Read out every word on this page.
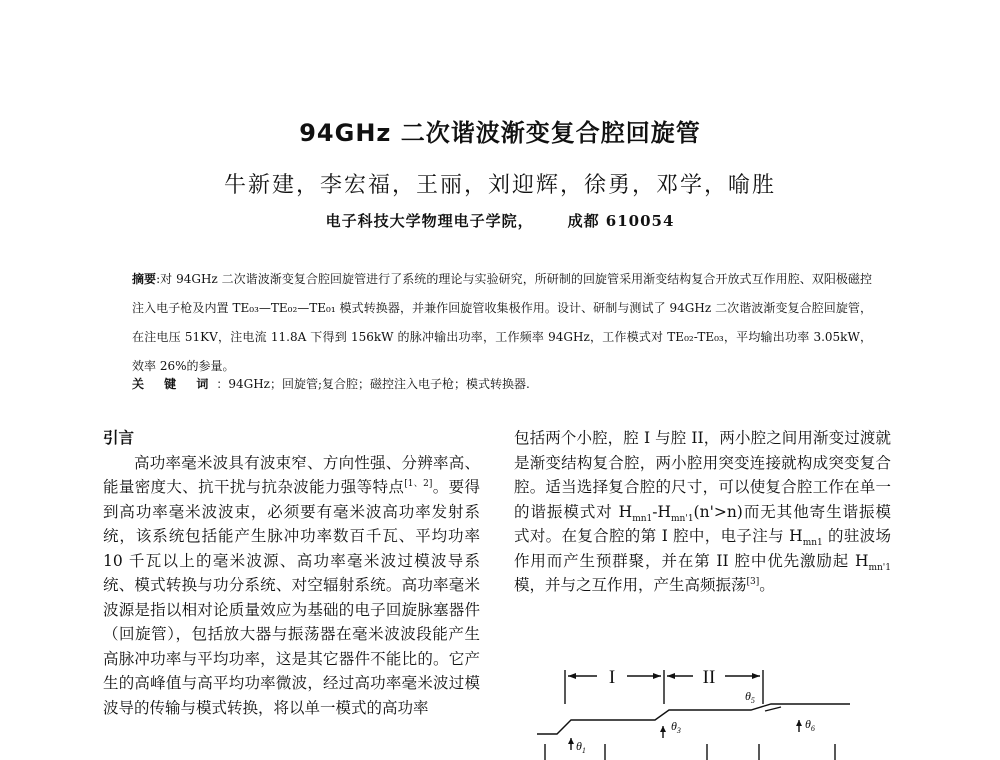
94GHz 二次谐波渐变复合腔回旋管
牛新建，李宏福，王丽，刘迎辉，徐勇，邓学，喻胜
电子科技大学物理电子学院， 成都 610054
摘要:对 94GHz 二次谐波渐变复合腔回旋管进行了系统的理论与实验研究，所研制的回旋管采用渐变结构复合开放式互作用腔、双阳极磁控注入电子枪及内置 TE₀₃—TE₀₂—TE₀₁ 模式转换器，并兼作回旋管收集极作用。设计、研制与测试了 94GHz 二次谐波渐变复合腔回旋管，在注电压 51KV，注电流 11.8A 下得到 156kW 的脉冲输出功率，工作频率 94GHz，工作模式对 TE₀₂-TE₀₃，平均输出功率 3.05kW，效率 26%的参量。
关 键 词：94GHz；回旋管;复合腔；磁控注入电子枪；模式转换器.
引言

高功率毫米波具有波束窄、方向性强、分辨率高、能量密度大、抗干扰与抗杂波能力强等特点[1、2]。要得到高功率毫米波波束，必须要有毫米波高功率发射系统，该系统包括能产生脉冲功率数百千瓦、平均功率 10 千瓦以上的毫米波源、高功率毫米波过模波导系统、模式转换与功分系统、对空辐射系统。高功率毫米波源是指以相对论质量效应为基础的电子回旋脉塞器件（回旋管），包括放大器与振荡器在毫米波波段能产生高脉冲功率与平均功率，这是其它器件不能比的。它产生的高峰值与高平均功率微波，经过高功率毫米波过模波导的传输与模式转换，将以单一模式的高功率

包括两个小腔，腔 I 与腔 II，两小腔之间用渐变过渡就是渐变结构复合腔，两小腔用突变连接就构成突变复合腔。适当选择复合腔的尺寸，可以使复合腔工作在单一的谐振模式对 $H_{mn1}-H_{mn'1}(n'>n)$而无其他寄生谐振模式对。在复合腔的第 I 腔中，电子注与 $H_{mn1}$ 的驻波场作用而产生预群聚，并在第 II 腔中优先激励起 $H_{mn'1}$ 模，并与之互作用，产生高频振荡[3]。

I	II
$\theta_1$
$\theta_3$
$\theta_5$
$\theta_6$
